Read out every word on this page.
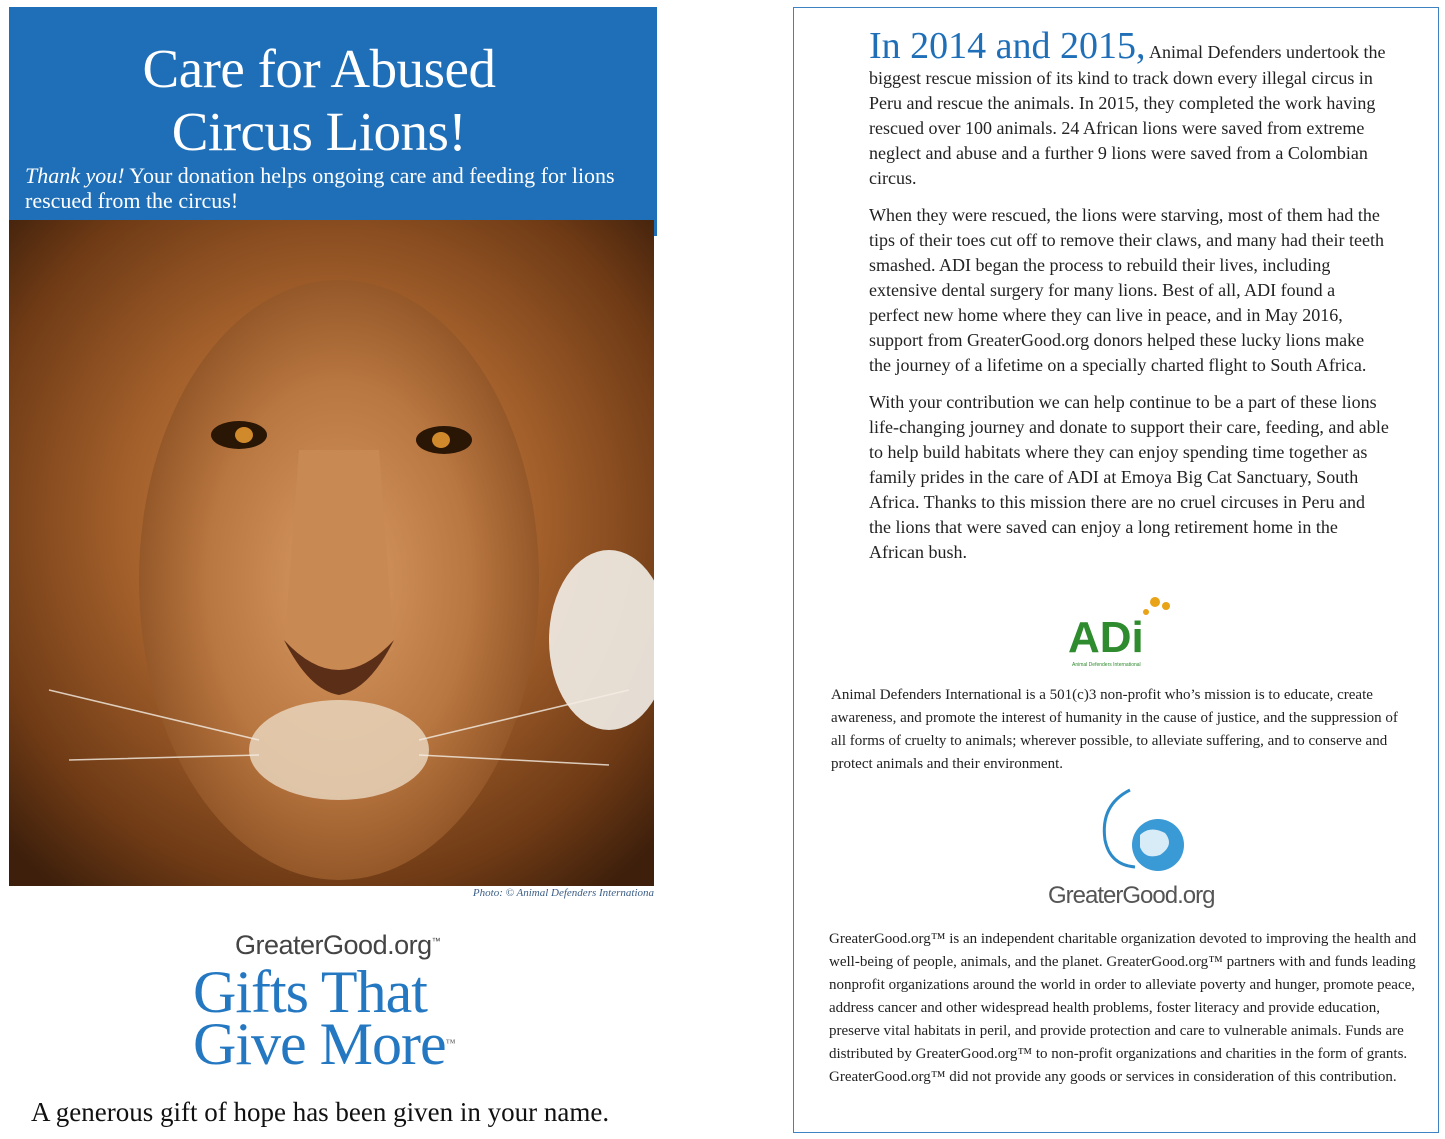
Care for Abused
Circus Lions!
Thank you! Your donation helps ongoing care and feeding for lions rescued from the circus!
Photo: © Animal Defenders Internationa
GreaterGood.org™
Gifts That
Give More™
A generous gift of hope has been given in your name.

In 2014 and 2015, Animal Defenders undertook the biggest rescue mission of its kind to track down every illegal circus in Peru and rescue the animals. In 2015, they completed the work having rescued over 100 animals. 24 African lions were saved from extreme neglect and abuse and a further 9 lions were saved from a Colombian circus.

When they were rescued, the lions were starving, most of them had the tips of their toes cut off to remove their claws, and many had their teeth smashed. ADI began the process to rebuild their lives, including extensive dental surgery for many lions. Best of all, ADI found a perfect new home where they can live in peace, and in May 2016, support from GreaterGood.org donors helped these lucky lions make the journey of a lifetime on a specially charted flight to South Africa.

With your contribution we can help continue to be a part of these lions life-changing journey and donate to support their care, feeding, and able to help build habitats where they can enjoy spending time together as family prides in the care of ADI at Emoya Big Cat Sanctuary, South Africa. Thanks to this mission there are no cruel circuses in Peru and the lions that were saved can enjoy a long retirement home in the African bush.

ADi
Animal Defenders International
Animal Defenders International is a 501(c)3 non-profit who’s mission is to educate, create awareness, and promote the interest of humanity in the cause of justice, and the suppression of all forms of cruelty to animals; wherever possible, to alleviate suffering, and to conserve and protect animals and their environment.
GreaterGood.org
GreaterGood.org™ is an independent charitable organization devoted to improving the health and well-being of people, animals, and the planet. GreaterGood.org™ partners with and funds leading nonprofit organizations around the world in order to alleviate poverty and hunger, promote peace, address cancer and other widespread health problems, foster literacy and provide education, preserve vital habitats in peril, and provide protection and care to vulnerable animals. Funds are distributed by GreaterGood.org™ to non-profit organizations and charities in the form of grants. GreaterGood.org™ did not provide any goods or services in consideration of this contribution.
